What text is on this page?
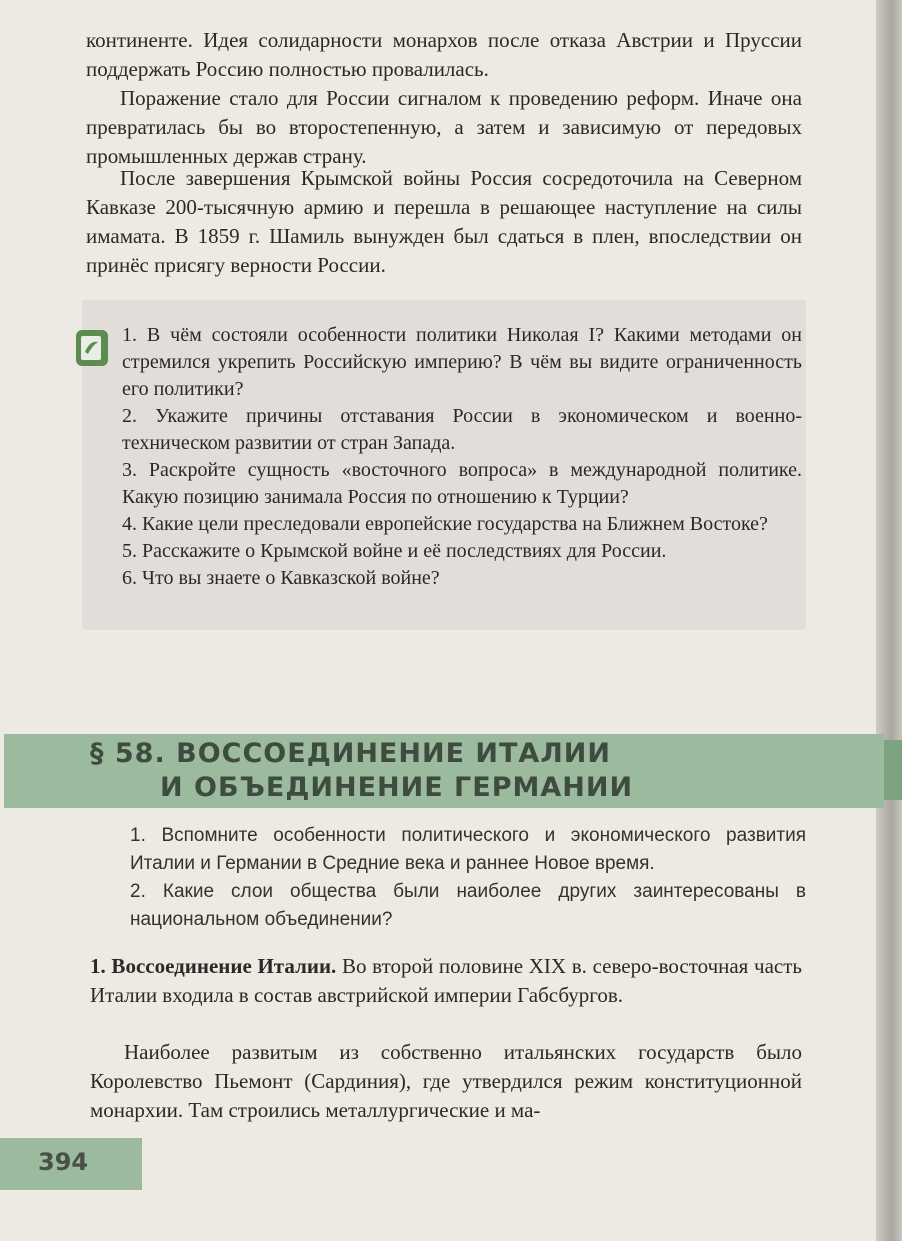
континенте. Идея солидарности монархов после отказа Австрии и Пруссии поддержать Россию полностью провалилась.

Поражение стало для России сигналом к проведению реформ. Иначе она превратилась бы во второстепенную, а затем и зависимую от передовых промышленных держав страну.

После завершения Крымской войны Россия сосредоточила на Северном Кавказе 200-тысячную армию и перешла в решающее наступление на силы имамата. В 1859 г. Шамиль вынужден был сдаться в плен, впоследствии он принёс присягу верности России.

1. В чём состояли особенности политики Николая I? Какими методами он стремился укрепить Российскую империю? В чём вы видите ограниченность его политики?
2. Укажите причины отставания России в экономическом и военно-техническом развитии от стран Запада.
3. Раскройте сущность «восточного вопроса» в международной политике. Какую позицию занимала Россия по отношению к Турции?
4. Какие цели преследовали европейские государства на Ближнем Востоке?
5. Расскажите о Крымской войне и её последствиях для России.
6. Что вы знаете о Кавказской войне?

§ 58. ВОССОЕДИНЕНИЕ ИТАЛИИ

И ОБЪЕДИНЕНИЕ ГЕРМАНИИ

1. Вспомните особенности политического и экономического развития Италии и Германии в Средние века и раннее Новое время.
2. Какие слои общества были наиболее других заинтересованы в национальном объединении?

1. Воссоединение Италии. Во второй половине XIX в. северо-восточная часть Италии входила в состав австрийской империи Габсбургов.

Наиболее развитым из собственно итальянских государств было Королевство Пьемонт (Сардиния), где утвердился режим конституционной монархии. Там строились металлургические и ма-

394
